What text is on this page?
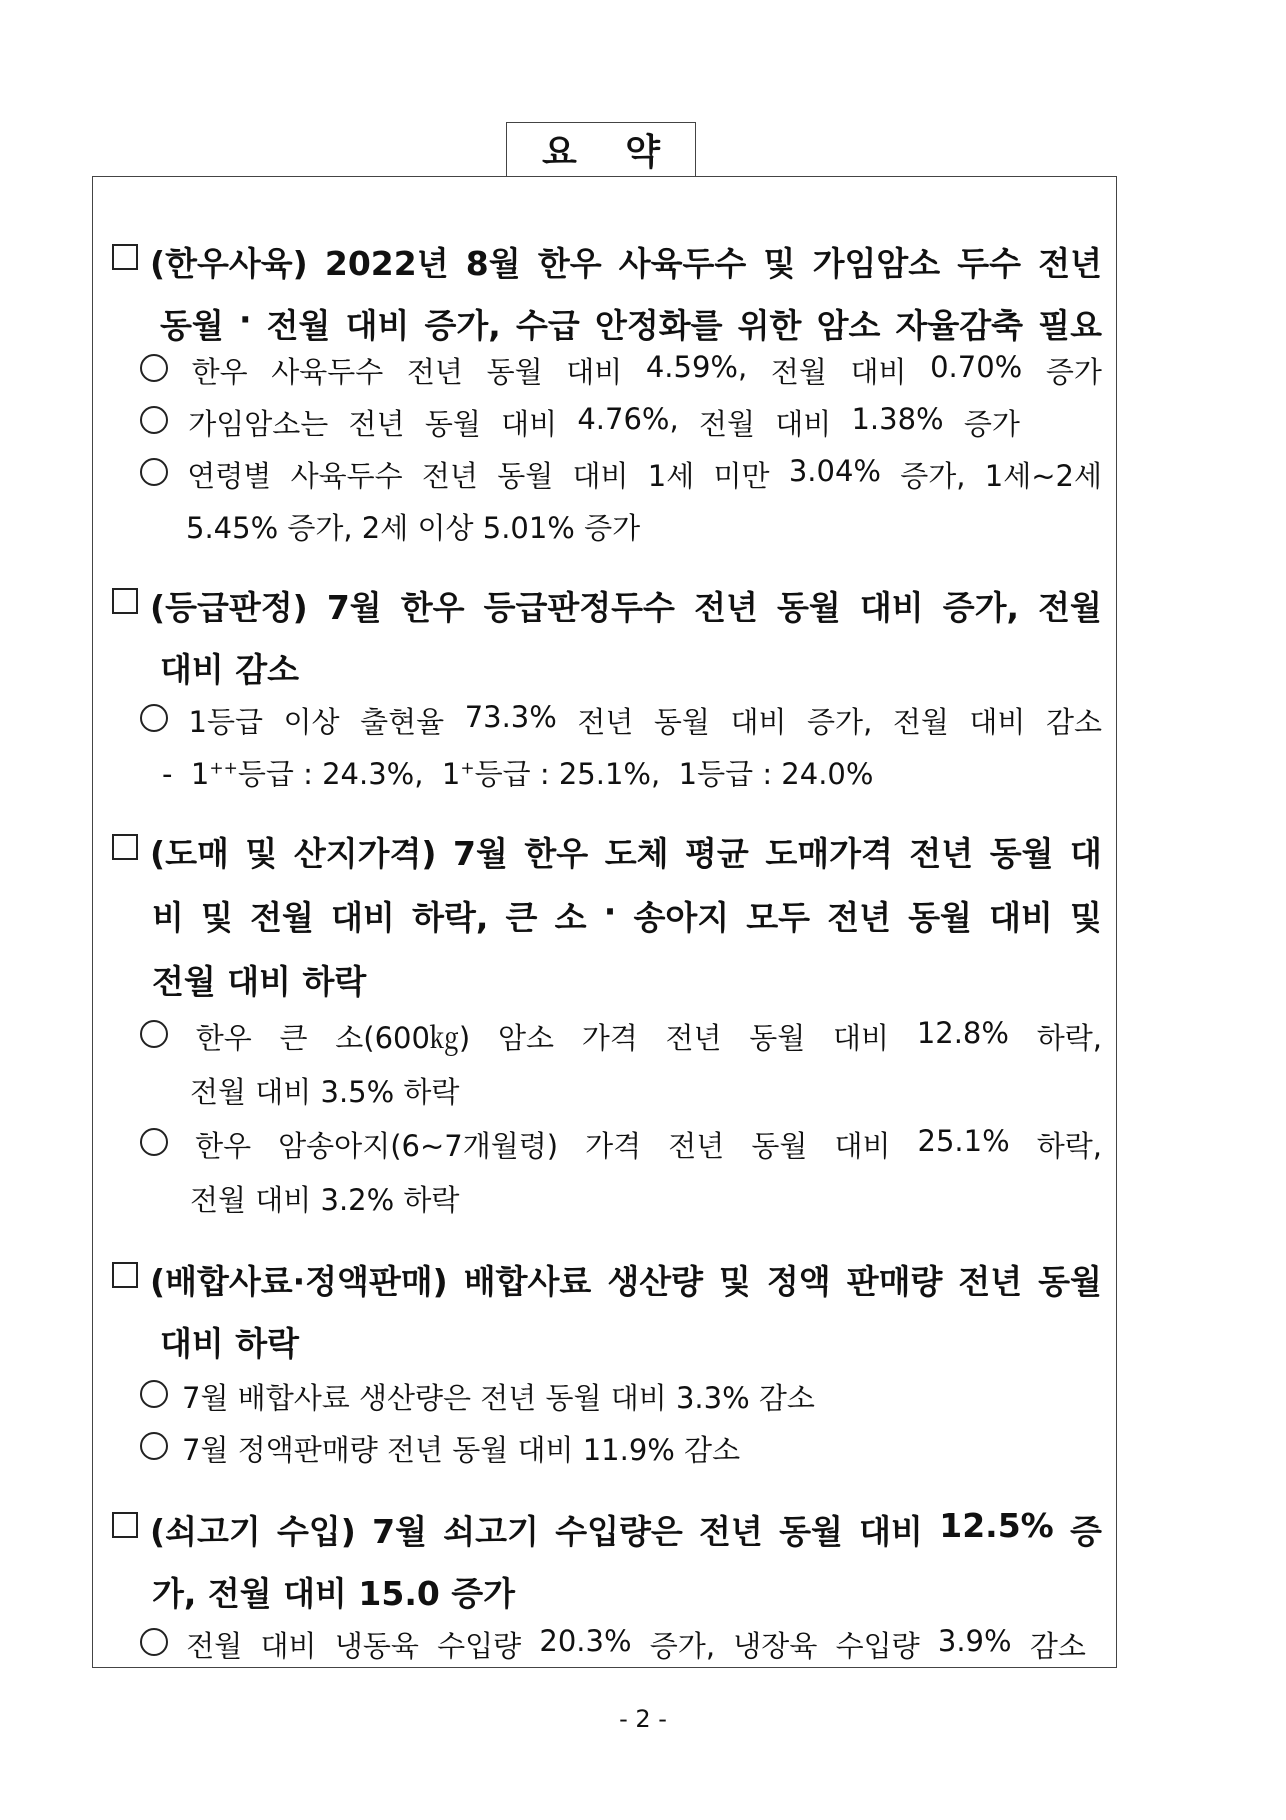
요 약
(한우사육) 2022년 8월 한우 사육두수 및 가임암소 두수 전년
동월 · 전월 대비 증가, 수급 안정화를 위한 암소 자율감축 필요
한우 사육두수 전년 동월 대비 4.59%, 전월 대비 0.70% 증가
가임암소는 전년 동월 대비 4.76%, 전월 대비 1.38% 증가
연령별 사육두수 전년 동월 대비 1세 미만 3.04% 증가, 1세~2세
5.45% 증가, 2세 이상 5.01% 증가
(등급판정) 7월 한우 등급판정두수 전년 동월 대비 증가, 전월
대비 감소
1등급 이상 출현율 73.3% 전년 동월 대비 증가, 전월 대비 감소
- 1++등급 : 24.3%, 1+등급 : 25.1%, 1등급 : 24.0%
(도매 및 산지가격) 7월 한우 도체 평균 도매가격 전년 동월 대
비 및 전월 대비 하락, 큰 소 · 송아지 모두 전년 동월 대비 및
전월 대비 하락
한우 큰 소(600㎏) 암소 가격 전년 동월 대비 12.8% 하락,
전월 대비 3.5% 하락
한우 암송아지(6~7개월령) 가격 전년 동월 대비 25.1% 하락,
전월 대비 3.2% 하락
(배합사료·정액판매) 배합사료 생산량 및 정액 판매량 전년 동월
대비 하락
7월 배합사료 생산량은 전년 동월 대비 3.3% 감소
7월 정액판매량 전년 동월 대비 11.9% 감소
(쇠고기 수입) 7월 쇠고기 수입량은 전년 동월 대비 12.5% 증
가, 전월 대비 15.0 증가
전월 대비 냉동육 수입량 20.3% 증가, 냉장육 수입량 3.9% 감소
- 2 -
